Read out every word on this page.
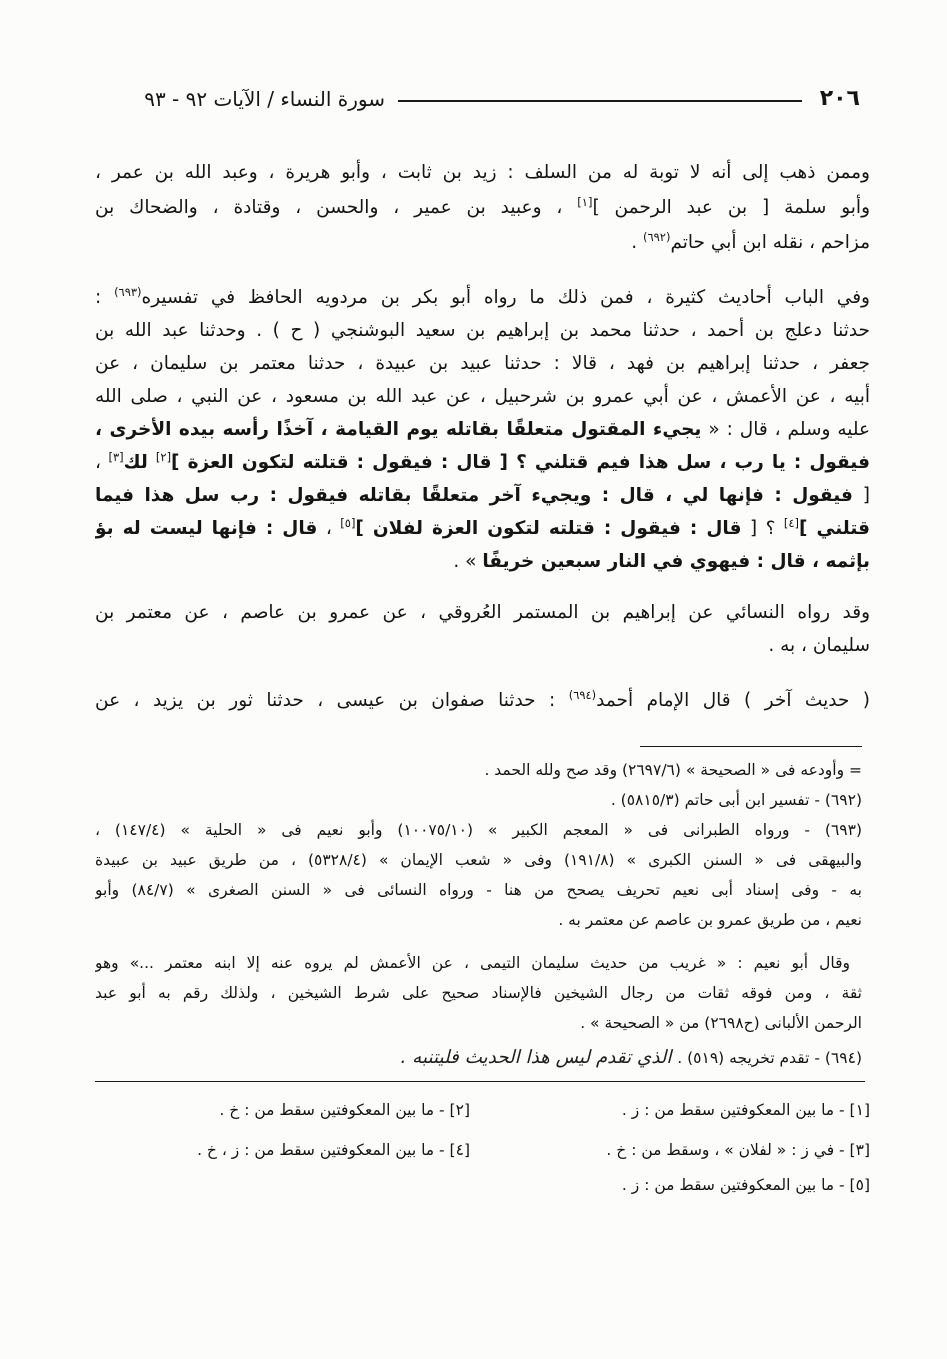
٢٠٦
سورة النساء / الآيات ٩٢ - ٩٣
وممن ذهب إلى أنه لا توبة له من السلف : زيد بن ثابت ، وأبو هريرة ، وعبد الله بن عمر ،
وأبو سلمة [ بن عبد الرحمن ][١] ، وعبيد بن عمير ، والحسن ، وقتادة ، والضحاك بن
مزاحم ، نقله ابن أبي حاتم$^{(٦٩٢)}$ .
وفي الباب أحاديث كثيرة ، فمن ذلك ما رواه أبو بكر بن مردويه الحافظ في تفسيره$^{(٦٩٣)}$ :
حدثنا دعلج بن أحمد ، حدثنا محمد بن إبراهيم بن سعيد البوشنجي ( ح ) . وحدثنا عبد الله بن
جعفر ، حدثنا إبراهيم بن فهد ، قالا : حدثنا عبيد بن عبيدة ، حدثنا معتمر بن سليمان ، عن
أبيه ، عن الأعمش ، عن أبي عمرو بن شرحبيل ، عن عبد الله بن مسعود ، عن النبي ، صلى الله
عليه وسلم ، قال : « يجيء المقتول متعلقًا بقاتله يوم القيامة ، آخذًا رأسه بيده الأخرى ،
فيقول : يا رب ، سل هذا فيم قتلني ؟ [ قال : فيقول : قتلته لتكون العزة ][٢] لك[٣] ،
[ فيقول : فإنها لي ، قال : ويجيء آخر متعلقًا بقاتله فيقول : رب سل هذا فيما
قتلني ][٤] ؟ [ قال : فيقول : قتلته لتكون العزة لفلان ][٥] ، قال : فإنها ليست له بؤ
بإثمه ، قال : فيهوي في النار سبعين خريفًا » .
وقد رواه النسائي عن إبراهيم بن المستمر العُروقي ، عن عمرو بن عاصم ، عن معتمر بن
سليمان ، به .
( حديث آخر ) قال الإمام أحمد$^{(٦٩٤)}$ : حدثنا صفوان بن عيسى ، حدثنا ثور بن يزيد ، عن
= وأودعه فى « الصحيحة » (٢٦٩٧/٦) وقد صح ولله الحمد .
(٦٩٢) - تفسير ابن أبى حاتم (٥٨١٥/٣) .
(٦٩٣) - ورواه الطبرانى فى « المعجم الكبير » (١٠٠٧٥/١٠) وأبو نعيم فى « الحلية » (١٤٧/٤) ،
والبيهقى فى « السنن الكبرى » (١٩١/٨) وفى « شعب الإيمان » (٥٣٢٨/٤) ، من طريق عبيد بن عبيدة
به - وفى إسناد أبى نعيم تحريف يصحح من هنا - ورواه النسائى فى « السنن الصغرى » (٨٤/٧) وأبو
نعيم ، من طريق عمرو بن عاصم عن معتمر به .
وقال أبو نعيم : « غريب من حديث سليمان التيمى ، عن الأعمش لم يروه عنه إلا ابنه معتمر ...» وهو
ثقة ، ومن فوقه ثقات من رجال الشيخين فالإسناد صحيح على شرط الشيخين ، ولذلك رقم به أبو عبد
الرحمن الألبانى (ح٢٦٩٨) من « الصحيحة » .
(٦٩٤) - تقدم تخريجه (٥١٩) . الذي تقدم ليس هذا الحديث فليتنبه .
[١] - ما بين المعكوفتين سقط من : ز .
[٢] - ما بين المعكوفتين سقط من : خ .
[٣] - في ز : « لفلان » ، وسقط من : خ .
[٤] - ما بين المعكوفتين سقط من : ز ، خ .
[٥] - ما بين المعكوفتين سقط من : ز .
